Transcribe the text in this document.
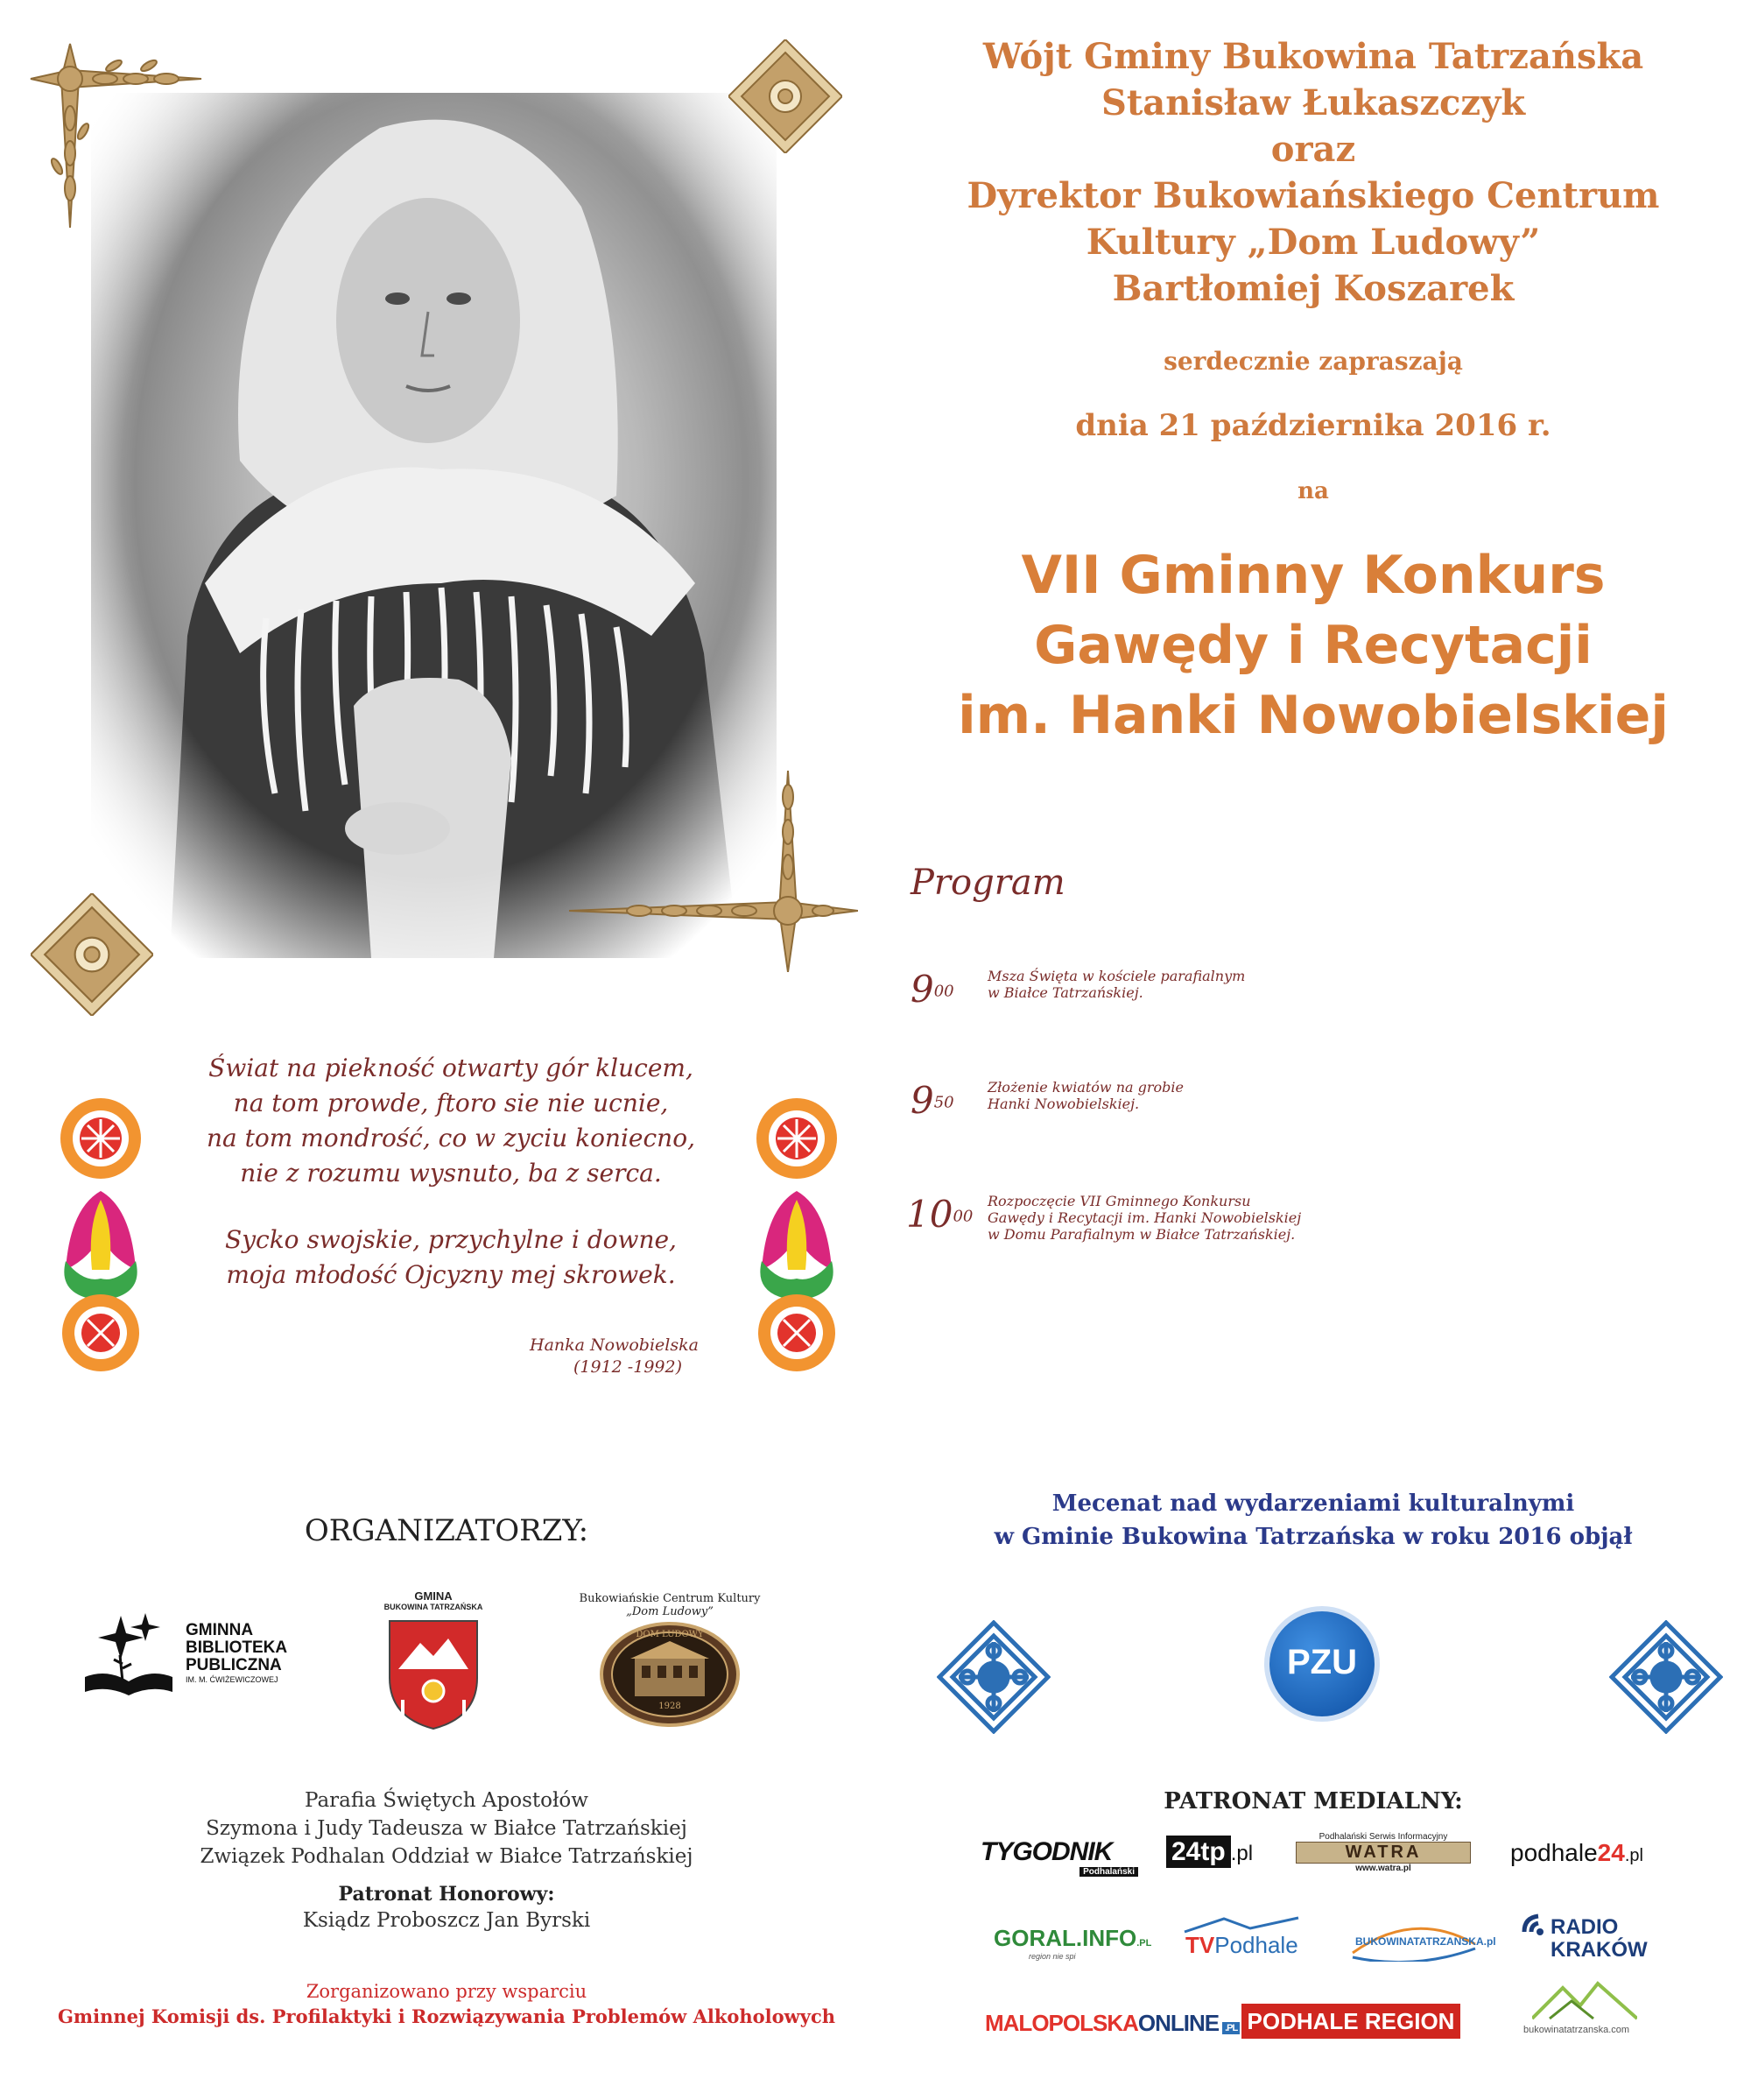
Wójt Gminy Bukowina Tatrzańska
Stanisław Łukaszczyk
oraz
Dyrektor Bukowiańskiego Centrum
Kultury „Dom Ludowy”
Bartłomiej Koszarek
serdecznie zapraszają
dnia 21 października 2016 r.
na
VII Gminny Konkurs
Gawędy i Recytacji
im. Hanki Nowobielskiej
Program
$9^{00}$
Msza Święta w kościele parafialnym
w Białce Tatrzańskiej.
$9^{50}$
Złożenie kwiatów na grobie
Hanki Nowobielskiej.
$10^{00}$
Rozpoczęcie VII Gminnego Konkursu
Gawędy i Recytacji im. Hanki Nowobielskiej
w Domu Parafialnym w Białce Tatrzańskiej.
Świat na piekność otwarty gór klucem,
na tom prowde, ftoro sie nie ucnie,
na tom mondrość, co w zyciu koniecno,
nie z rozumu wysnuto, ba z serca.
Sycko swojskie, przychylne i downe,
moja młodość Ojcyzny mej skrowek.
Hanka Nowobielska
(1912 -1992)
ORGANIZATORZY:
GMINNA
BIBLIOTEKA
PUBLICZNA
IM. M. ĆWIŻEWICZOWEJ
GMINA
BUKOWINA TATRZAŃSKA
Bukowiańskie Centrum Kultury
„Dom Ludowy”
DOM LUDOWY
1928
Parafia Świętych Apostołów
Szymona i Judy Tadeusza w Białce Tatrzańskiej
Związek Podhalan Oddział w Białce Tatrzańskiej
Patronat Honorowy:
Ksiądz Proboszcz Jan Byrski
Zorganizowano przy wsparciu
Gminnej Komisji ds. Profilaktyki i Rozwiązywania Problemów Alkoholowych
Mecenat nad wydarzeniami kulturalnymi
w Gminie Bukowina Tatrzańska w roku 2016 objął
PZU
PATRONAT MEDIALNY:
TYGODNIK
Podhalański
24tp .pl
Podhalański Serwis Informacyjny
WATRA
www.watra.pl
podhale24.pl
GORAL.INFO.PL
region nie spi	TVPodhale	BUKOWINATATRZANSKA.pl
RADIO
KRAKÓW
MALOPOLSKAONLINE .PL PODHALE REGION	bukowinatatrzanska.com
